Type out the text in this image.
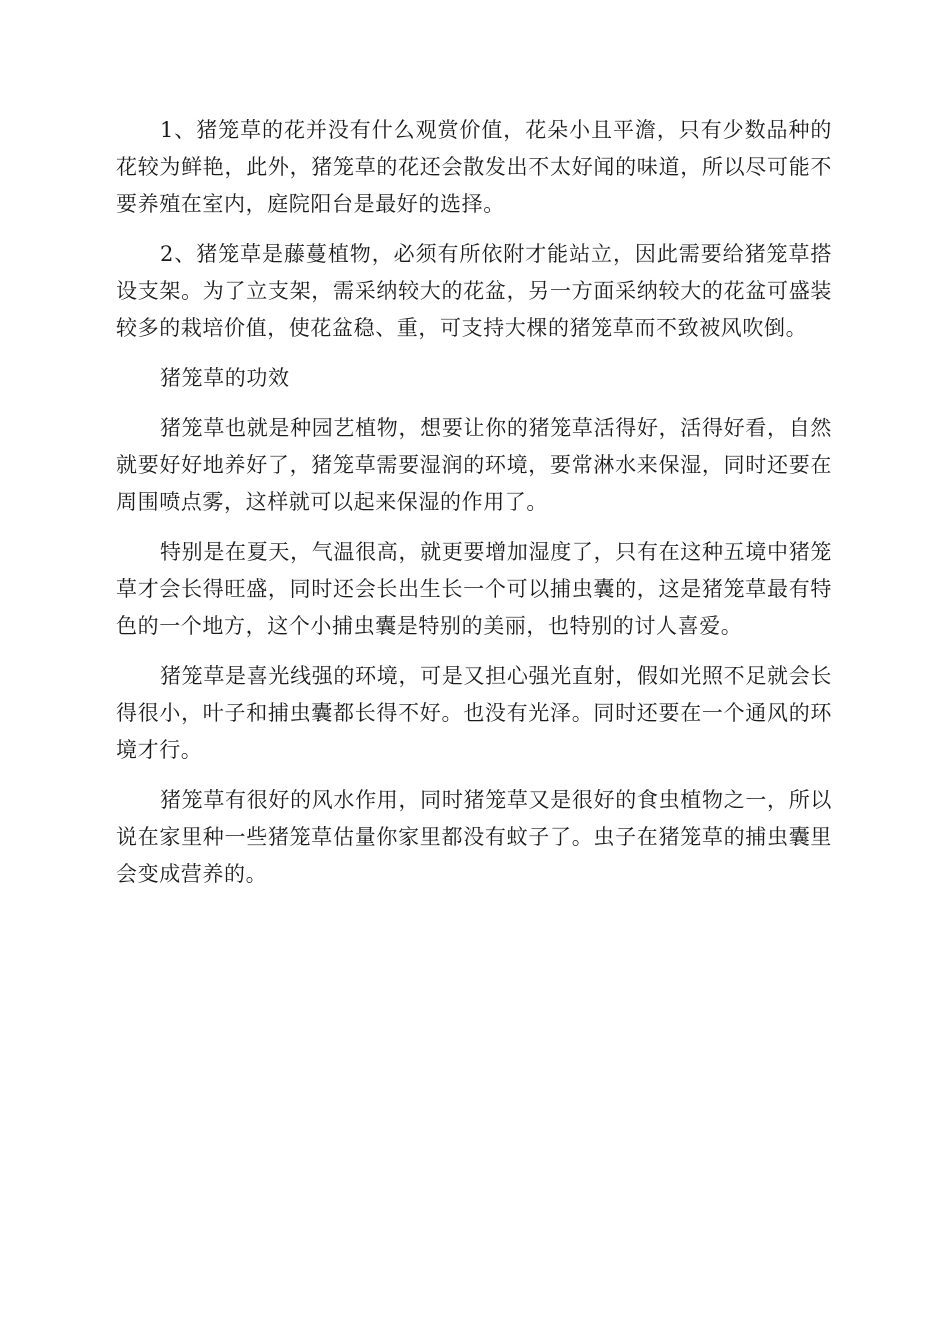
1、猪笼草的花并没有什么观赏价值，花朵小且平澹，只有少数品种的花较为鲜艳，此外，猪笼草的花还会散发出不太好闻的味道，所以尽可能不要养殖在室内，庭院阳台是最好的选择。

2、猪笼草是藤蔓植物，必须有所依附才能站立，因此需要给猪笼草搭设支架。为了立支架，需采纳较大的花盆，另一方面采纳较大的花盆可盛装较多的栽培价值，使花盆稳、重，可支持大棵的猪笼草而不致被风吹倒。

猪笼草的功效

猪笼草也就是种园艺植物，想要让你的猪笼草活得好，活得好看，自然就要好好地养好了，猪笼草需要湿润的环境，要常淋水来保湿，同时还要在周围喷点雾，这样就可以起来保湿的作用了。

特别是在夏天，气温很高，就更要增加湿度了，只有在这种五境中猪笼草才会长得旺盛，同时还会长出生长一个可以捕虫囊的，这是猪笼草最有特色的一个地方，这个小捕虫囊是特别的美丽，也特别的讨人喜爱。

猪笼草是喜光线强的环境，可是又担心强光直射，假如光照不足就会长得很小，叶子和捕虫囊都长得不好。也没有光泽。同时还要在一个通风的环境才行。

猪笼草有很好的风水作用，同时猪笼草又是很好的食虫植物之一，所以说在家里种一些猪笼草估量你家里都没有蚊子了。虫子在猪笼草的捕虫囊里会变成营养的。
